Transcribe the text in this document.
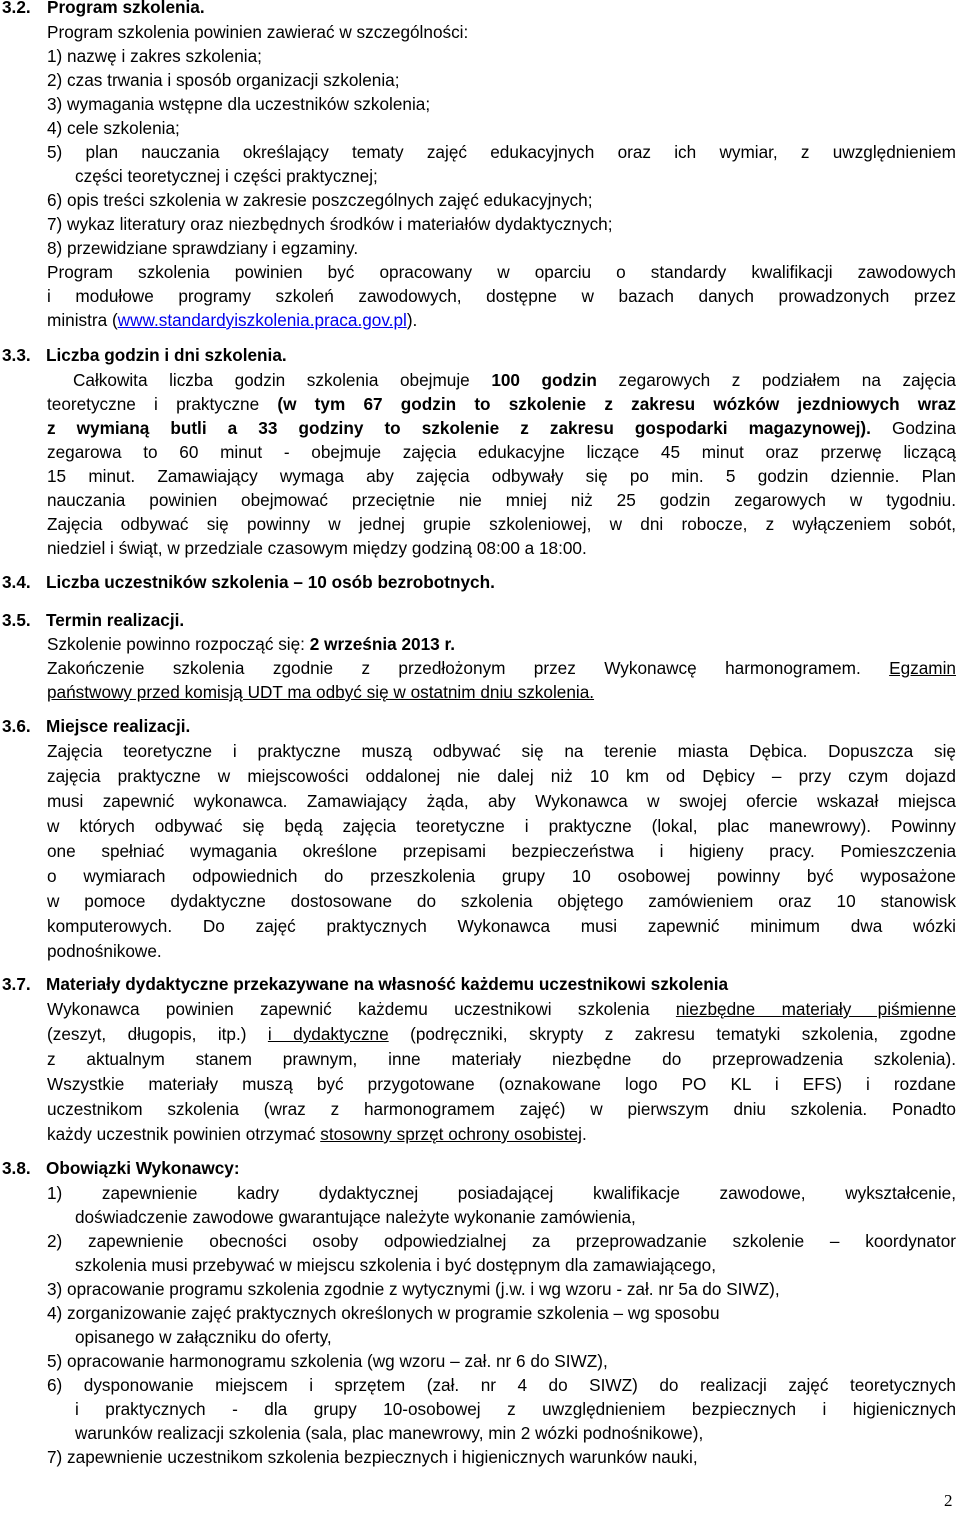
3.2. Program szkolenia.
Program szkolenia powinien zawierać w szczególności:
1) nazwę i zakres szkolenia;
2) czas trwania i sposób organizacji szkolenia;
3) wymagania wstępne dla uczestników szkolenia;
4) cele szkolenia;
5) plan nauczania określający tematy zajęć edukacyjnych oraz ich wymiar, z uwzględnieniem
części teoretycznej i części praktycznej;
6) opis treści szkolenia w zakresie poszczególnych zajęć edukacyjnych;
7) wykaz literatury oraz niezbędnych środków i materiałów dydaktycznych;
8) przewidziane sprawdziany i egzaminy.
Program szkolenia powinien być opracowany w oparciu o standardy kwalifikacji zawodowych
i modułowe programy szkoleń zawodowych, dostępne w bazach danych prowadzonych przez
ministra (www.standardyiszkolenia.praca.gov.pl).
3.3. Liczba godzin i dni szkolenia.
Całkowita liczba godzin szkolenia obejmuje 100 godzin zegarowych z podziałem na zajęcia
teoretyczne i praktyczne (w tym 67 godzin to szkolenie z zakresu wózków jezdniowych wraz
z wymianą butli a 33 godziny to szkolenie z zakresu gospodarki magazynowej). Godzina
zegarowa to 60 minut - obejmuje zajęcia edukacyjne liczące 45 minut oraz przerwę liczącą
15 minut. Zamawiający wymaga aby zajęcia odbywały się po min. 5 godzin dziennie. Plan
nauczania powinien obejmować przeciętnie nie mniej niż 25 godzin zegarowych w tygodniu.
Zajęcia odbywać się powinny w jednej grupie szkoleniowej, w dni robocze, z wyłączeniem sobót,
niedziel i świąt, w przedziale czasowym między godziną 08:00 a 18:00.
3.4. Liczba uczestników szkolenia – 10 osób bezrobotnych.
3.5. Termin realizacji.
Szkolenie powinno rozpocząć się: 2 września 2013 r.
Zakończenie szkolenia zgodnie z przedłożonym przez Wykonawcę harmonogramem. Egzamin
państwowy przed komisją UDT ma odbyć się w ostatnim dniu szkolenia.
3.6. Miejsce realizacji.
Zajęcia teoretyczne i praktyczne muszą odbywać się na terenie miasta Dębica. Dopuszcza się
zajęcia praktyczne w miejscowości oddalonej nie dalej niż 10 km od Dębicy – przy czym dojazd
musi zapewnić wykonawca. Zamawiający żąda, aby Wykonawca w swojej ofercie wskazał miejsca
w których odbywać się będą zajęcia teoretyczne i praktyczne (lokal, plac manewrowy). Powinny
one spełniać wymagania określone przepisami bezpieczeństwa i higieny pracy. Pomieszczenia
o wymiarach odpowiednich do przeszkolenia grupy 10 osobowej powinny być wyposażone
w pomoce dydaktyczne dostosowane do szkolenia objętego zamówieniem oraz 10 stanowisk
komputerowych. Do zajęć praktycznych Wykonawca musi zapewnić minimum dwa wózki
podnośnikowe.
3.7. Materiały dydaktyczne przekazywane na własność każdemu uczestnikowi szkolenia
Wykonawca powinien zapewnić każdemu uczestnikowi szkolenia niezbędne materiały piśmienne
(zeszyt, długopis, itp.) i dydaktyczne (podręczniki, skrypty z zakresu tematyki szkolenia, zgodne
z aktualnym stanem prawnym, inne materiały niezbędne do przeprowadzenia szkolenia).
Wszystkie materiały muszą być przygotowane (oznakowane logo PO KL i EFS) i rozdane
uczestnikom szkolenia (wraz z harmonogramem zajęć) w pierwszym dniu szkolenia. Ponadto
każdy uczestnik powinien otrzymać stosowny sprzęt ochrony osobistej.
3.8. Obowiązki Wykonawcy:
1) zapewnienie kadry dydaktycznej posiadającej kwalifikacje zawodowe, wykształcenie,
doświadczenie zawodowe gwarantujące należyte wykonanie zamówienia,
2) zapewnienie obecności osoby odpowiedzialnej za przeprowadzanie szkolenie – koordynator
szkolenia musi przebywać w miejscu szkolenia i być dostępnym dla zamawiającego,
3) opracowanie programu szkolenia zgodnie z wytycznymi (j.w. i wg wzoru - zał. nr 5a do SIWZ),
4) zorganizowanie zajęć praktycznych określonych w programie szkolenia – wg sposobu
opisanego w załączniku do oferty,
5) opracowanie harmonogramu szkolenia (wg wzoru – zał. nr 6 do SIWZ),
6) dysponowanie miejscem i sprzętem (zał. nr 4 do SIWZ) do realizacji zajęć teoretycznych
i praktycznych - dla grupy 10-osobowej z uwzględnieniem bezpiecznych i higienicznych
warunków realizacji szkolenia (sala, plac manewrowy, min 2 wózki podnośnikowe),
7) zapewnienie uczestnikom szkolenia bezpiecznych i higienicznych warunków nauki,
2
